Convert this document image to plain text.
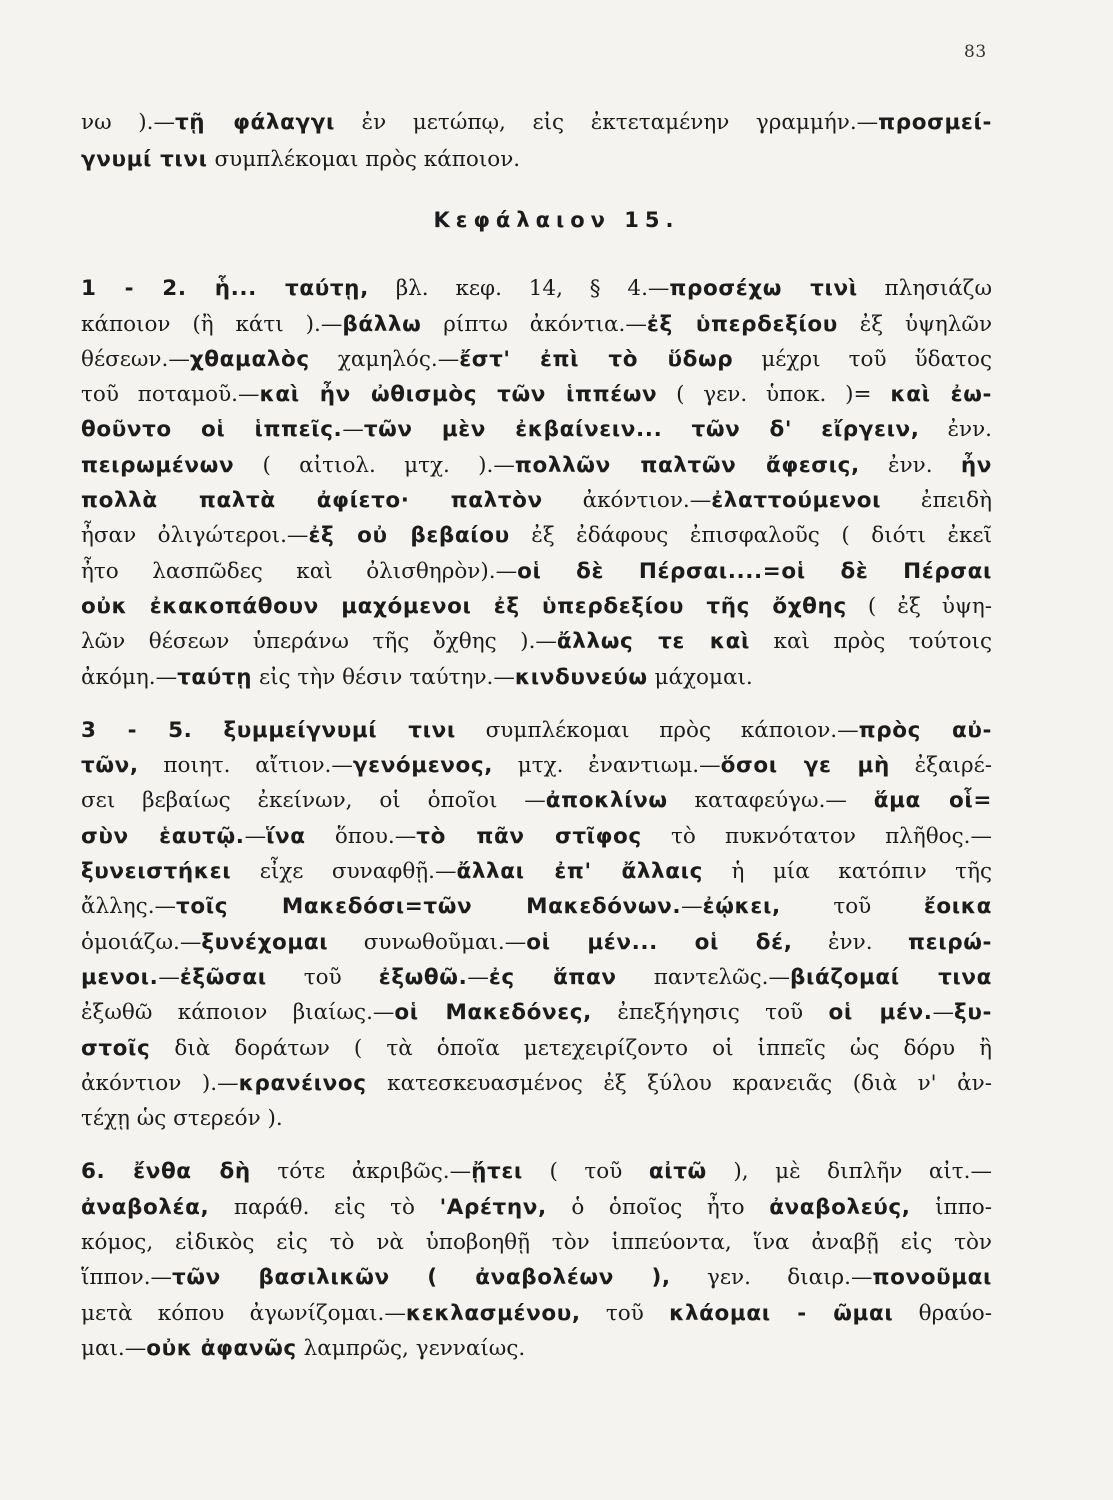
83
νω ).—τῇ φάλαγγι ἐν μετώπῳ, εἰς ἐκτεταμένην γραμμήν.—προσμεί-
γνυμί τινι συμπλέκομαι πρὸς κάποιον.
Κεφάλαιον 15.
1 - 2. ἧ... ταύτῃ, βλ. κεφ. 14, § 4.—προσέχω τινὶ πλησιάζω
κάποιον (ἢ κάτι ).—βάλλω ρίπτω ἀκόντια.—ἐξ ὑπερδεξίου ἐξ ὑψηλῶν
θέσεων.—χθαμαλὸς χαμηλός.—ἔστ' ἐπὶ τὸ ὕδωρ μέχρι τοῦ ὕδατος
τοῦ ποταμοῦ.—καὶ ἦν ὠθισμὸς τῶν ἱππέων ( γεν. ὑποκ. )= καὶ ἐω-
θοῦντο οἱ ἱππεῖς.—τῶν μὲν ἐκβαίνειν... τῶν δ' εἴργειν, ἐνν.
πειρωμένων ( αἰτιολ. μτχ. ).—πολλῶν παλτῶν ἄφεσις, ἐνν. ἦν
πολλὰ παλτὰ ἀφίετο· παλτὸν ἀκόντιον.—ἐλαττούμενοι ἐπειδὴ
ἦσαν ὀλιγώτεροι.—ἐξ οὐ βεβαίου ἐξ ἐδάφους ἐπισφαλοῦς ( διότι ἐκεῖ
ἦτο λασπῶδες καὶ ὀλισθηρὸν).—οἱ δὲ Πέρσαι....=οἱ δὲ Πέρσαι
οὐκ ἐκακοπάθουν μαχόμενοι ἐξ ὑπερδεξίου τῆς ὄχθης ( ἐξ ὑψη-
λῶν θέσεων ὑπεράνω τῆς ὄχθης ).—ἄλλως τε καὶ καὶ πρὸς τούτοις
ἀκόμη.—ταύτῃ εἰς τὴν θέσιν ταύτην.—κινδυνεύω μάχομαι.
3 - 5. ξυμμείγνυμί τινι συμπλέκομαι πρὸς κάποιον.—πρὸς αὐ-
τῶν, ποιητ. αἴτιον.—γενόμενος, μτχ. ἐναντιωμ.—ὅσοι γε μὴ ἐξαιρέ-
σει βεβαίως ἐκείνων, οἱ ὁποῖοι —ἀποκλίνω καταφεύγω.— ἅμα οἷ=
σὺν ἑαυτῷ.—ἵνα ὅπου.—τὸ πᾶν στῖφος τὸ πυκνότατον πλῆθος.—
ξυνειστήκει εἶχε συναφθῇ.—ἄλλαι ἐπ' ἄλλαις ἡ μία κατόπιν τῆς
ἄλλης.—τοῖς Μακεδόσι=τῶν Μακεδόνων.—ἐῴκει, τοῦ ἔοικα
ὁμοιάζω.—ξυνέχομαι συνωθοῦμαι.—οἱ μέν... οἱ δέ, ἐνν. πειρώ-
μενοι.—ἐξῶσαι τοῦ ἐξωθῶ.—ἐς ἅπαν παντελῶς.—βιάζομαί τινα
ἐξωθῶ κάποιον βιαίως.—οἱ Μακεδόνες, ἐπεξήγησις τοῦ οἱ μέν.—ξυ-
στοῖς διὰ δοράτων ( τὰ ὁποῖα μετεχειρίζοντο οἱ ἱππεῖς ὡς δόρυ ἢ
ἀκόντιον ).—κρανέινος κατεσκευασμένος ἐξ ξύλου κρανειᾶς (διὰ ν' ἀν-
τέχῃ ὡς στερεόν ).
6. ἔνθα δὴ τότε ἀκριβῶς.—ᾔτει ( τοῦ αἰτῶ ), μὲ διπλῆν αἰτ.—
ἀναβολέα, παράθ. εἰς τὸ 'Αρέτην, ὁ ὁποῖος ἦτο ἀναβολεύς, ἱππο-
κόμος, εἰδικὸς εἰς τὸ νὰ ὑποβοηθῇ τὸν ἱππεύοντα, ἵνα ἀναβῇ εἰς τὸν
ἵππον.—τῶν βασιλικῶν ( ἀναβολέων ), γεν. διαιρ.—πονοῦμαι
μετὰ κόπου ἀγωνίζομαι.—κεκλασμένου, τοῦ κλάομαι - ῶμαι θραύο-
μαι.—οὐκ ἀφανῶς λαμπρῶς, γενναίως.
